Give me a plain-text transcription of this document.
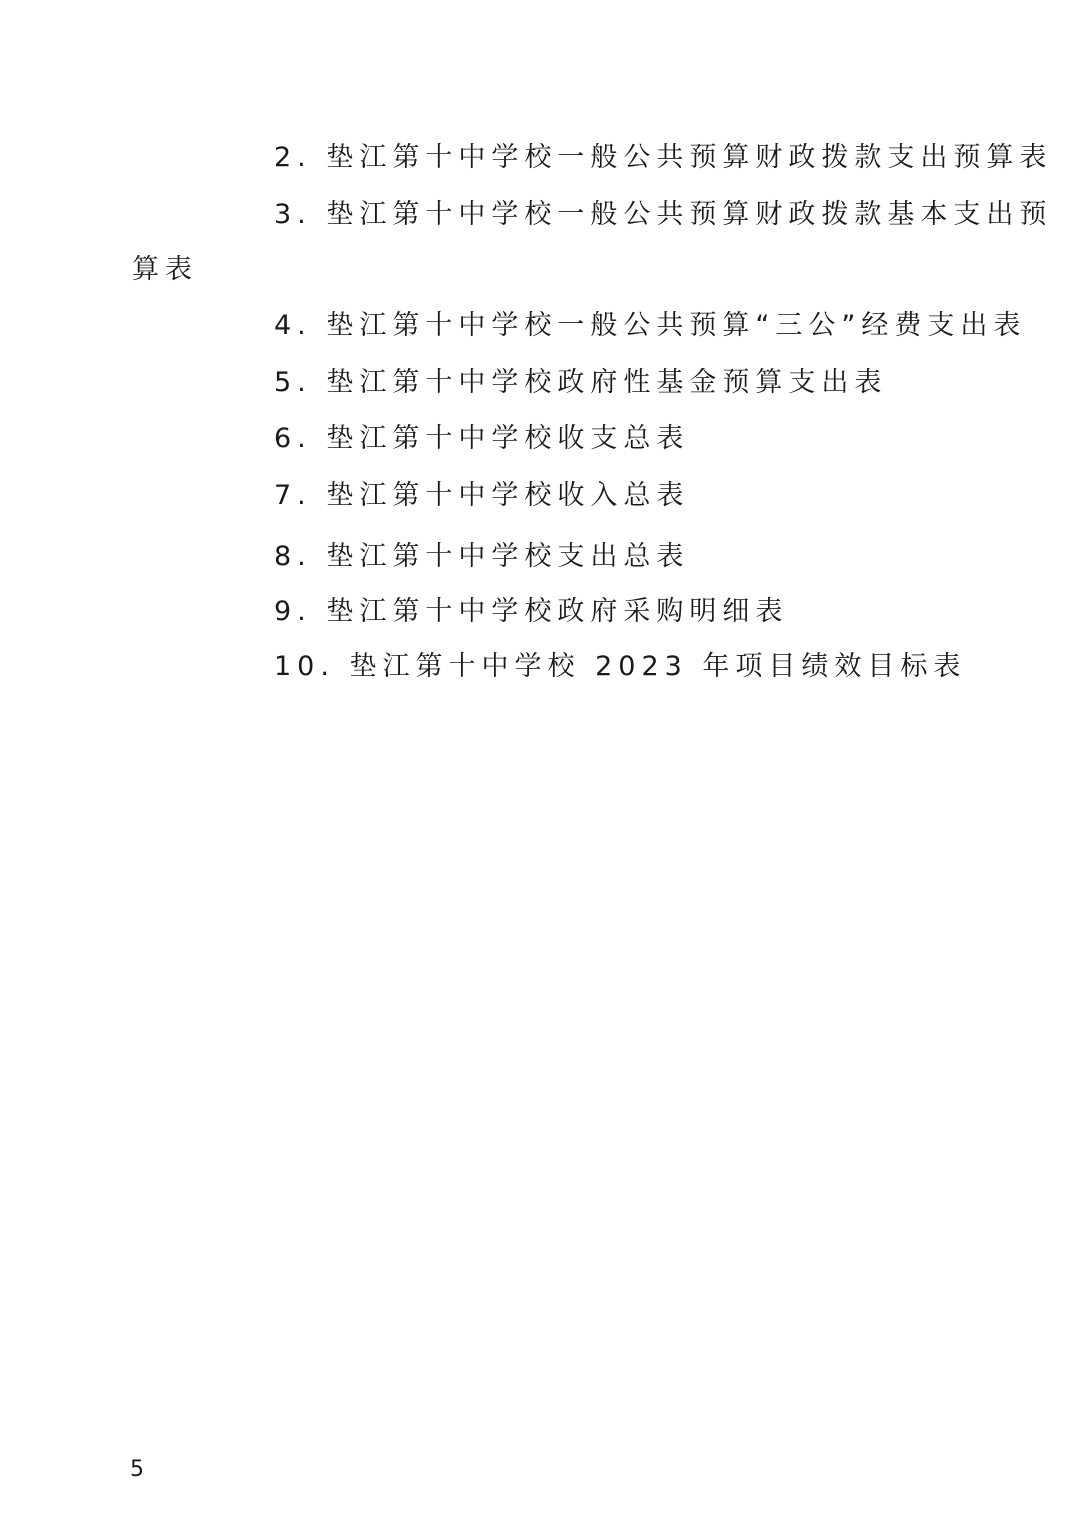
2. 垫江第十中学校一般公共预算财政拨款支出预算表
3. 垫江第十中学校一般公共预算财政拨款基本支出预
算表
4. 垫江第十中学校一般公共预算“三公”经费支出表
5. 垫江第十中学校政府性基金预算支出表
6. 垫江第十中学校收支总表
7. 垫江第十中学校收入总表
8. 垫江第十中学校支出总表
9. 垫江第十中学校政府采购明细表
10. 垫江第十中学校 2023 年项目绩效目标表
5
